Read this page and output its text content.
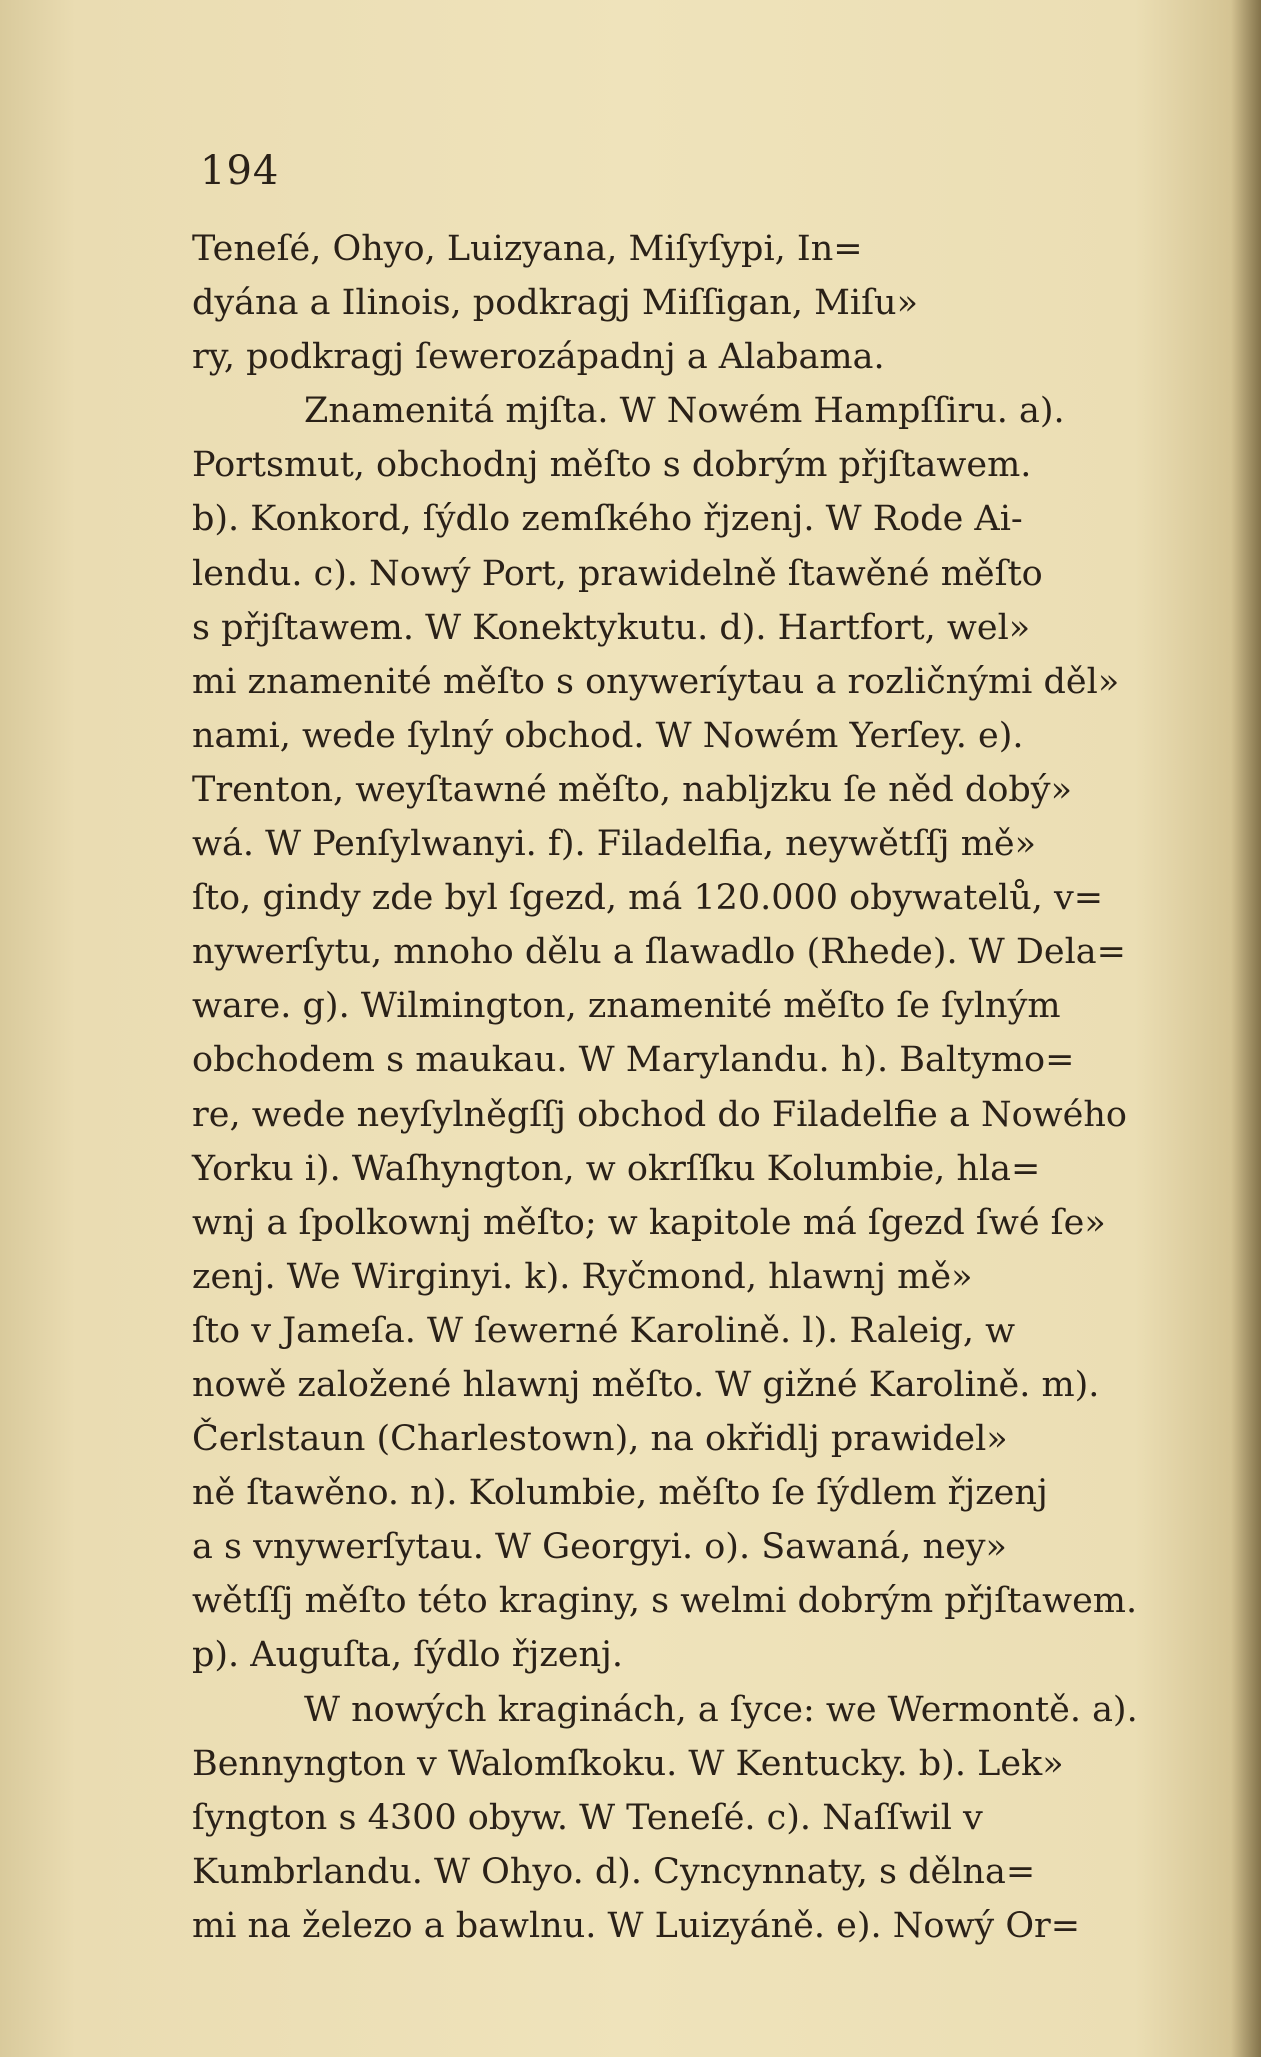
194
Teneſé, Ohyo, Luizyana, Miſyſypi, In=
dyána a Ilinois, podkragj Miſſigan, Miſu»
ry, podkragj ſewerozápadnj a Alabama.
Znamenitá mjſta. W Nowém Hampſſiru. a).
Portsmut, obchodnj měſto s dobrým přjſtawem.
b). Konkord, ſýdlo zemſkého řjzenj. W Rode Ai-
lendu. c). Nowý Port, prawidelně ſtawěné měſto
s přjſtawem. W Konektykutu. d). Hartfort, wel»
mi znamenité měſto s onyweríytau a rozličnými děl»
nami, wede ſylný obchod. W Nowém Yerſey. e).
Trenton, weyſtawné měſto, nabljzku ſe něd dobý»
wá. W Penſylwanyi. f). Filadelfia, neywětſſj mě»
ſto, gindy zde byl ſgezd, má 120.000 obywatelů, v=
nywerſytu, mnoho dělu a ſlawadlo (Rhede). W Dela=
ware. g). Wilmington, znamenité měſto ſe ſylným
obchodem s maukau. W Marylandu. h). Baltymo=
re, wede neyſylněgſſj obchod do Filadelfie a Nowého
Yorku i). Waſhyngton, w okrſſku Kolumbie, hla=
wnj a ſpolkownj měſto; w kapitole má ſgezd ſwé ſe»
zenj. We Wirginyi. k). Ryčmond, hlawnj mě»
ſto v Jameſa. W ſewerné Karolině. l). Raleig, w
nowě založené hlawnj měſto. W gižné Karolině. m).
Čerlstaun (Charlestown), na okřidlj prawidel»
ně ſtawěno. n). Kolumbie, měſto ſe ſýdlem řjzenj
a s vnywerſytau. W Georgyi. o). Sawaná, ney»
wětſſj měſto této kraginy, s welmi dobrým přjſtawem.
p). Auguſta, ſýdlo řjzenj.
W nowých kraginách, a ſyce: we Wermontě. a).
Bennyngton v Walomſkoku. W Kentucky. b). Lek»
ſyngton s 4300 obyw. W Teneſé. c). Naſſwil v
Kumbrlandu. W Ohyo. d). Cyncynnaty, s dělna=
mi na železo a bawlnu. W Luizyáně. e). Nowý Or=
